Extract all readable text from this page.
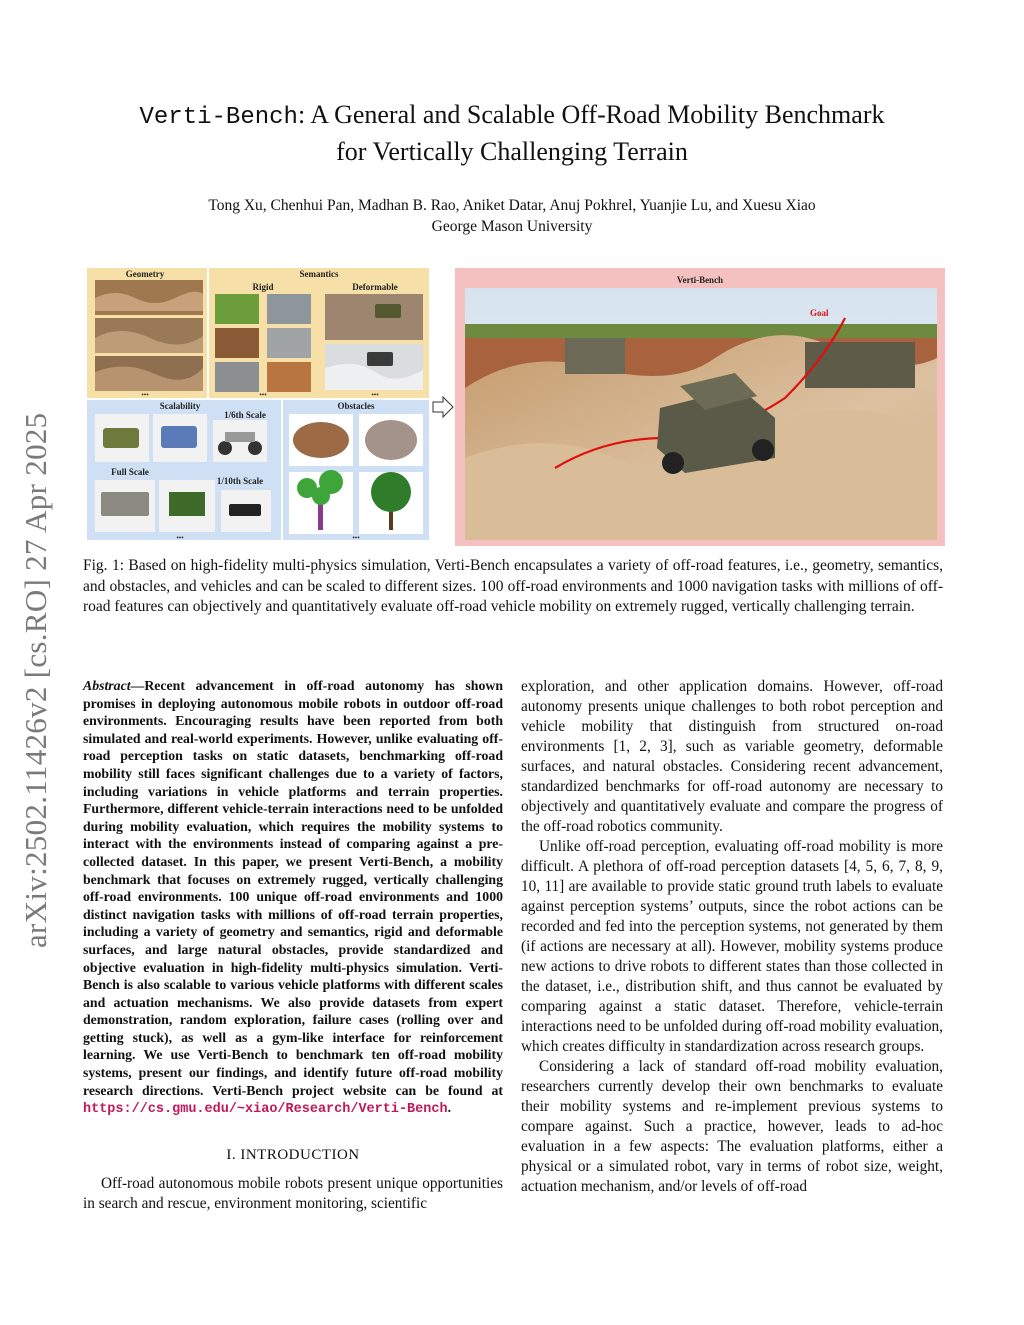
Verti-Bench: A General and Scalable Off-Road Mobility Benchmark
for Vertically Challenging Terrain
Tong Xu, Chenhui Pan, Madhan B. Rao, Aniket Datar, Anuj Pokhrel, Yuanjie Lu, and Xuesu Xiao
George Mason University
arXiv:2502.11426v2 [cs.RO] 27 Apr 2025
Geometry
•••
Semantics
Rigid	Deformable
•••	•••
Scalability
1/6th Scale
Full Scale
1/10th Scale
•••
Obstacles
•••
Verti-Bench
Goal
Fig. 1: Based on high-fidelity multi-physics simulation, Verti-Bench encapsulates a variety of off-road features, i.e., geometry, semantics, and obstacles, and vehicles and can be scaled to different sizes. 100 off-road environments and 1000 navigation tasks with millions of off-road features can objectively and quantitatively evaluate off-road vehicle mobility on extremely rugged, vertically challenging terrain.
Abstract—Recent advancement in off-road autonomy has shown promises in deploying autonomous mobile robots in outdoor off-road environments. Encouraging results have been reported from both simulated and real-world experiments. However, unlike evaluating off-road perception tasks on static datasets, benchmarking off-road mobility still faces significant challenges due to a variety of factors, including variations in vehicle platforms and terrain properties. Furthermore, different vehicle-terrain interactions need to be unfolded during mobility evaluation, which requires the mobility systems to interact with the environments instead of comparing against a pre-collected dataset. In this paper, we present Verti-Bench, a mobility benchmark that focuses on extremely rugged, vertically challenging off-road environments. 100 unique off-road environments and 1000 distinct navigation tasks with millions of off-road terrain properties, including a variety of geometry and semantics, rigid and deformable surfaces, and large natural obstacles, provide standardized and objective evaluation in high-fidelity multi-physics simulation. Verti-Bench is also scalable to various vehicle platforms with different scales and actuation mechanisms. We also provide datasets from expert demonstration, random exploration, failure cases (rolling over and getting stuck), as well as a gym-like interface for reinforcement learning. We use Verti-Bench to benchmark ten off-road mobility systems, present our findings, and identify future off-road mobility research directions. Verti-Bench project website can be found at https://cs.gmu.edu/~xiao/Research/Verti-Bench.
I. INTRODUCTION
Off-road autonomous mobile robots present unique opportunities in search and rescue, environment monitoring, scientific

exploration, and other application domains. However, off-road autonomy presents unique challenges to both robot perception and vehicle mobility that distinguish from structured on-road environments [1, 2, 3], such as variable geometry, deformable surfaces, and natural obstacles. Considering recent advancement, standardized benchmarks for off-road autonomy are necessary to objectively and quantitatively evaluate and compare the progress of the off-road robotics community.

Unlike off-road perception, evaluating off-road mobility is more difficult. A plethora of off-road perception datasets [4, 5, 6, 7, 8, 9, 10, 11] are available to provide static ground truth labels to evaluate against perception systems’ outputs, since the robot actions can be recorded and fed into the perception systems, not generated by them (if actions are necessary at all). However, mobility systems produce new actions to drive robots to different states than those collected in the dataset, i.e., distribution shift, and thus cannot be evaluated by comparing against a static dataset. Therefore, vehicle-terrain interactions need to be unfolded during off-road mobility evaluation, which creates difficulty in standardization across research groups.

Considering a lack of standard off-road mobility evaluation, researchers currently develop their own benchmarks to evaluate their mobility systems and re-implement previous systems to compare against. Such a practice, however, leads to ad-hoc evaluation in a few aspects: The evaluation platforms, either a physical or a simulated robot, vary in terms of robot size, weight, actuation mechanism, and/or levels of off-road
